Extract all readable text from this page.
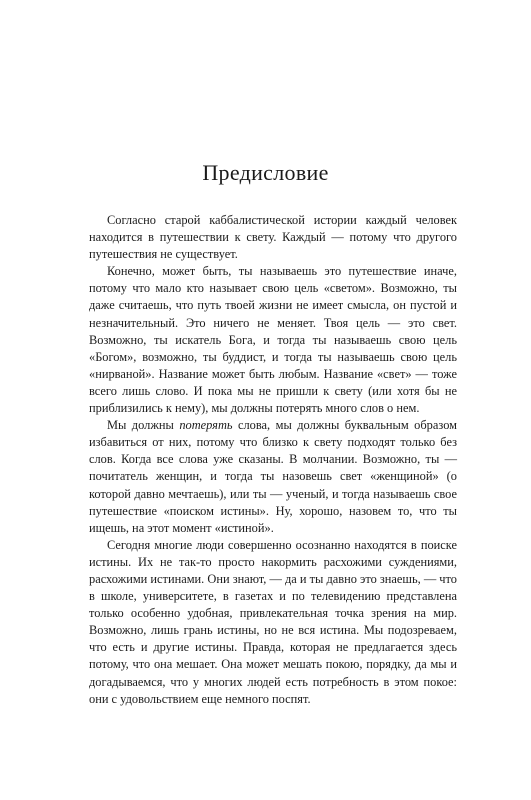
Предисловие

Согласно старой каббалистической истории каждый человек находится в путешествии к свету. Каждый — потому что другого путешествия не существует.

Конечно, может быть, ты называешь это путешествие иначе, потому что мало кто называет свою цель «светом». Возможно, ты даже считаешь, что путь твоей жизни не имеет смысла, он пустой и незначительный. Это ничего не меняет. Твоя цель — это свет. Возможно, ты искатель Бога, и тогда ты называешь свою цель «Богом», возможно, ты буддист, и тогда ты называешь свою цель «нирваной». Название может быть любым. Название «свет» — тоже всего лишь слово. И пока мы не пришли к свету (или хотя бы не приблизились к нему), мы должны потерять много слов о нем.

Мы должны потерять слова, мы должны буквальным образом избавиться от них, потому что близко к свету подходят только без слов. Когда все слова уже сказаны. В молчании. Возможно, ты — почитатель женщин, и тогда ты назовешь свет «женщиной» (о которой давно мечтаешь), или ты — ученый, и тогда называешь свое путешествие «поиском истины». Ну, хорошо, назовем то, что ты ищешь, на этот момент «истиной».

Сегодня многие люди совершенно осознанно находятся в поиске истины. Их не так-то просто накормить расхожими суждениями, расхожими истинами. Они знают, — да и ты давно это знаешь, — что в школе, университете, в газетах и по телевидению представлена только особенно удобная, привлекательная точка зрения на мир. Возможно, лишь грань истины, но не вся истина. Мы подозреваем, что есть и другие истины. Правда, которая не предлагается здесь потому, что она мешает. Она может мешать покою, порядку, да мы и догадываемся, что у многих людей есть потребность в этом покое: они с удовольствием еще немного поспят.
